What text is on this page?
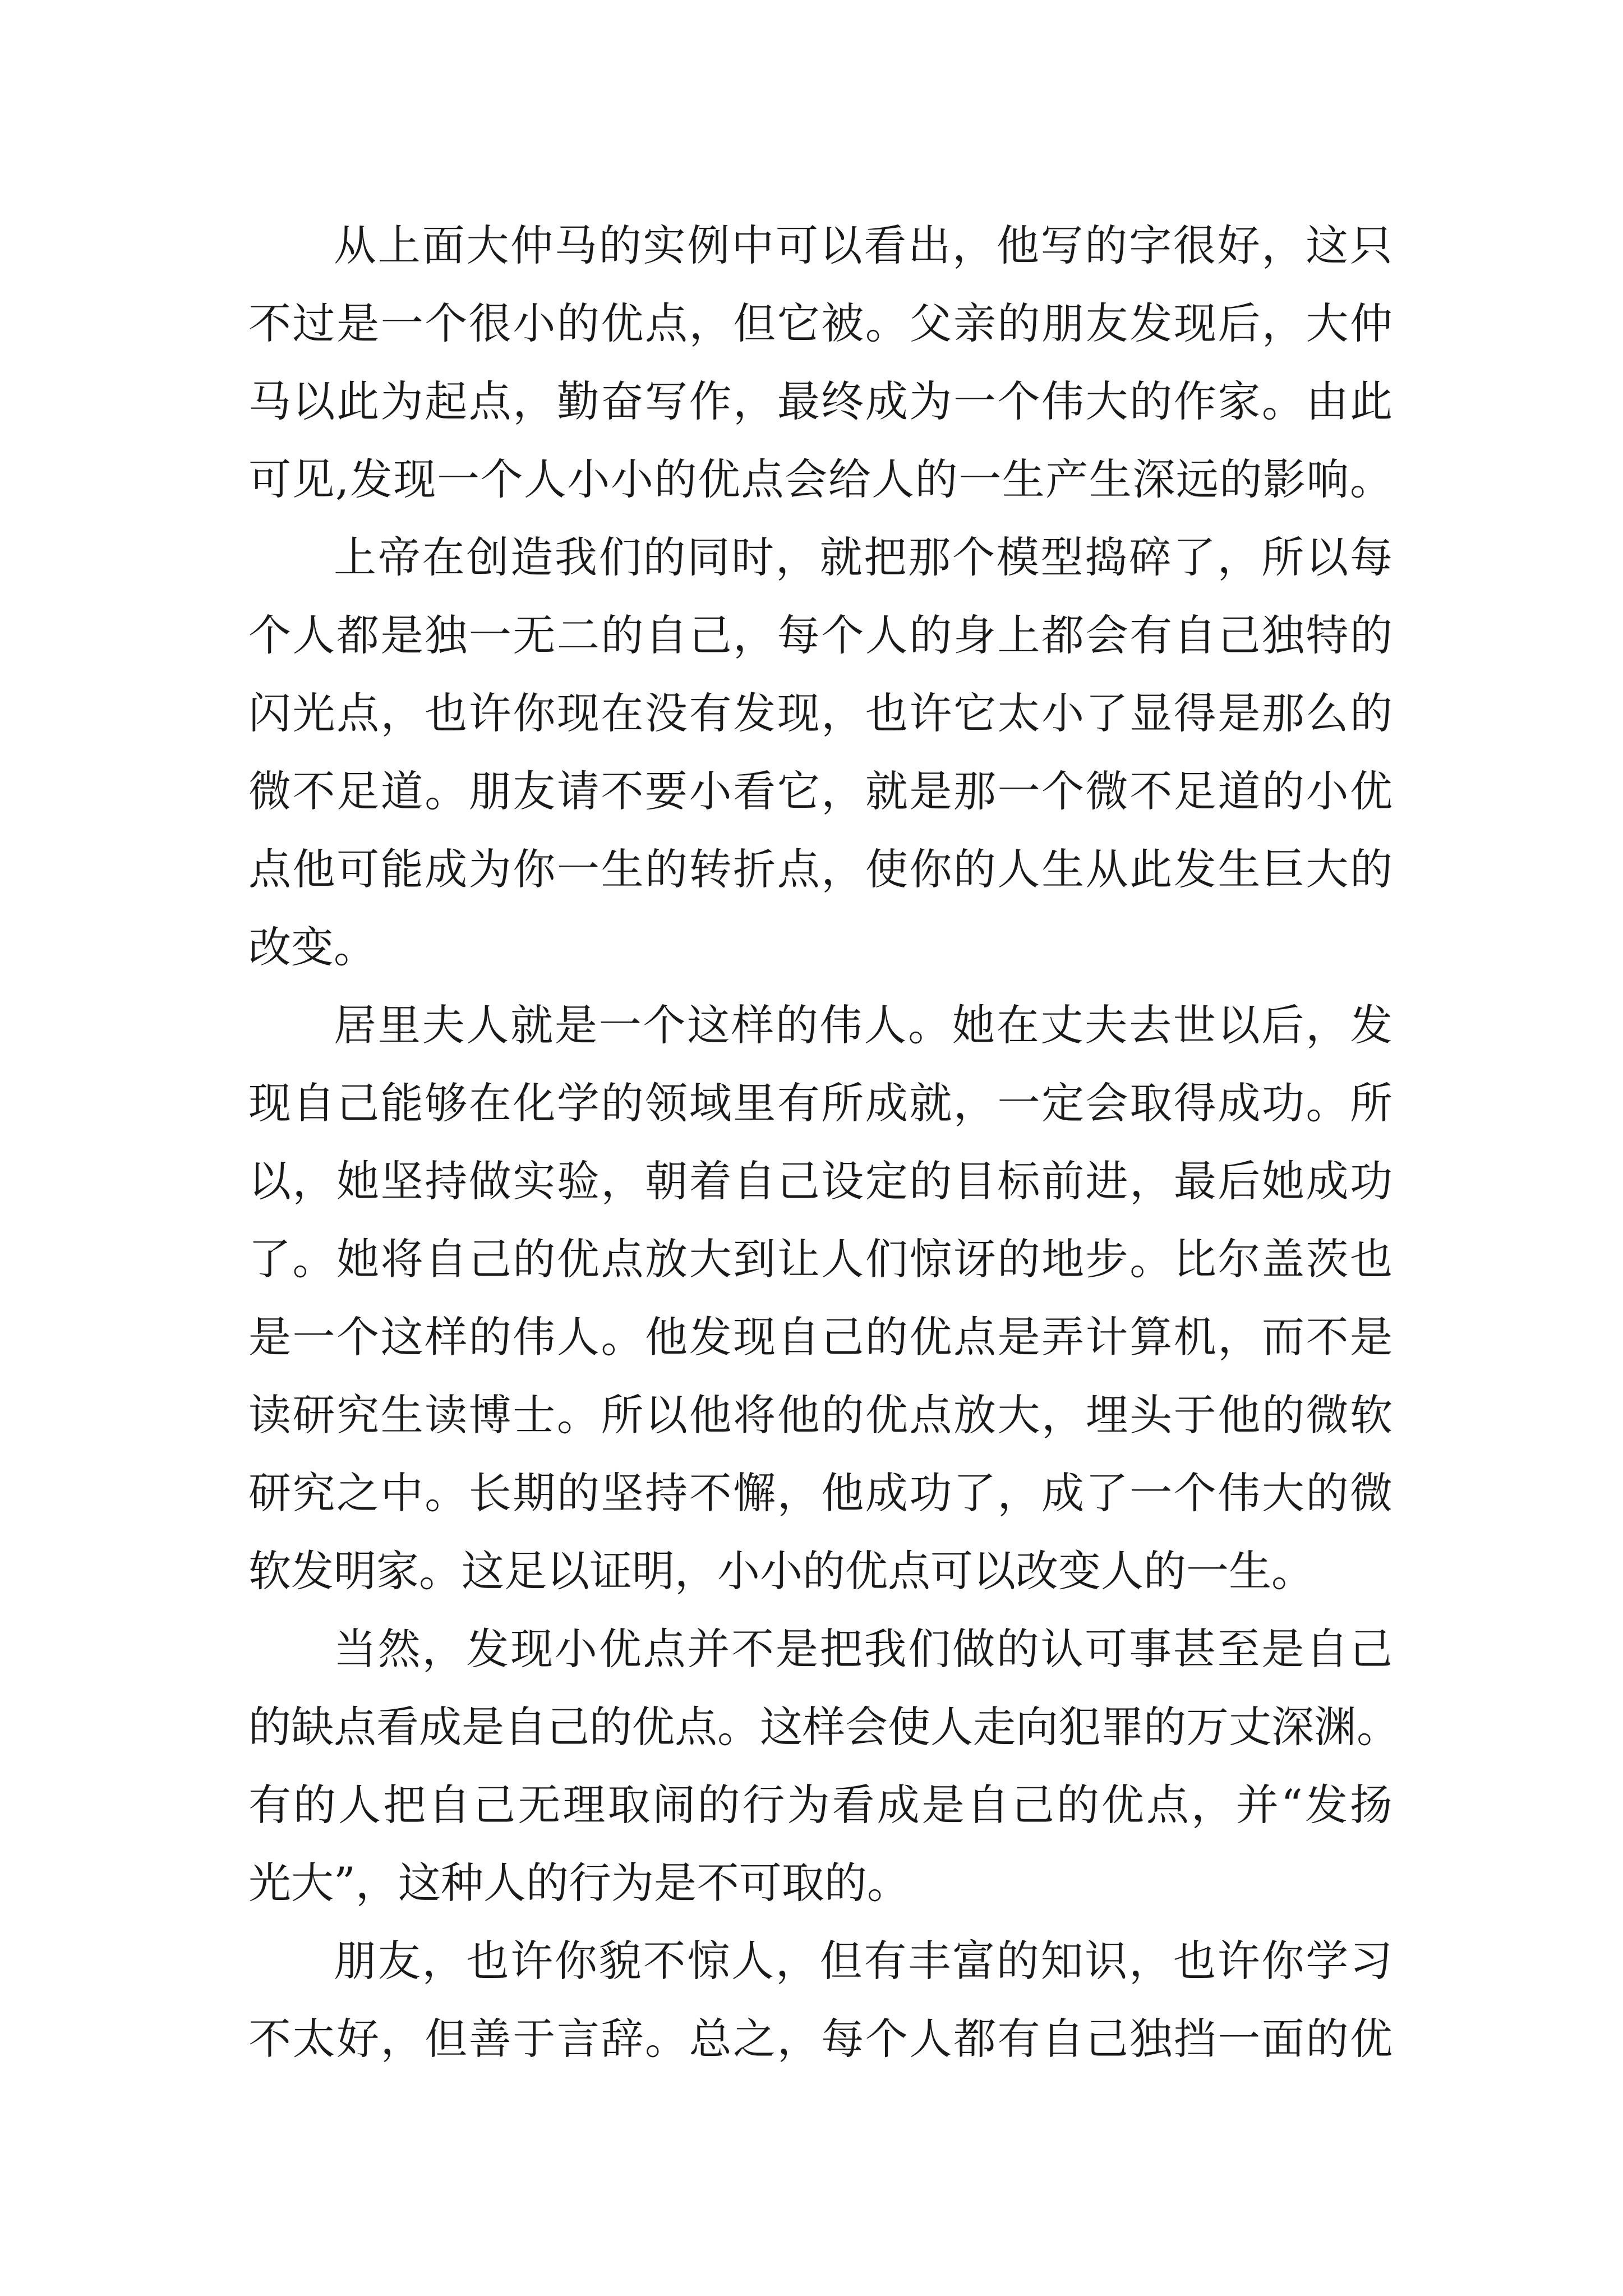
从上面大仲马的实例中可以看出，他写的字很好，这只
不过是一个很小的优点，但它被。父亲的朋友发现后，大仲
马以此为起点，勤奋写作，最终成为一个伟大的作家。由此
可见,发现一个人小小的优点会给人的一生产生深远的影响。
上帝在创造我们的同时，就把那个模型捣碎了，所以每
个人都是独一无二的自己，每个人的身上都会有自己独特的
闪光点，也许你现在没有发现，也许它太小了显得是那么的
微不足道。朋友请不要小看它，就是那一个微不足道的小优
点他可能成为你一生的转折点，使你的人生从此发生巨大的
改变。
居里夫人就是一个这样的伟人。她在丈夫去世以后，发
现自己能够在化学的领域里有所成就，一定会取得成功。所
以，她坚持做实验，朝着自己设定的目标前进，最后她成功
了。她将自己的优点放大到让人们惊讶的地步。比尔盖茨也
是一个这样的伟人。他发现自己的优点是弄计算机，而不是
读研究生读博士。所以他将他的优点放大，埋头于他的微软
研究之中。长期的坚持不懈，他成功了，成了一个伟大的微
软发明家。这足以证明，小小的优点可以改变人的一生。
当然，发现小优点并不是把我们做的认可事甚至是自己
的缺点看成是自己的优点。这样会使人走向犯罪的万丈深渊。
有的人把自己无理取闹的行为看成是自己的优点，并“发扬
光大”，这种人的行为是不可取的。
朋友，也许你貌不惊人，但有丰富的知识，也许你学习
不太好，但善于言辞。总之，每个人都有自己独挡一面的优
